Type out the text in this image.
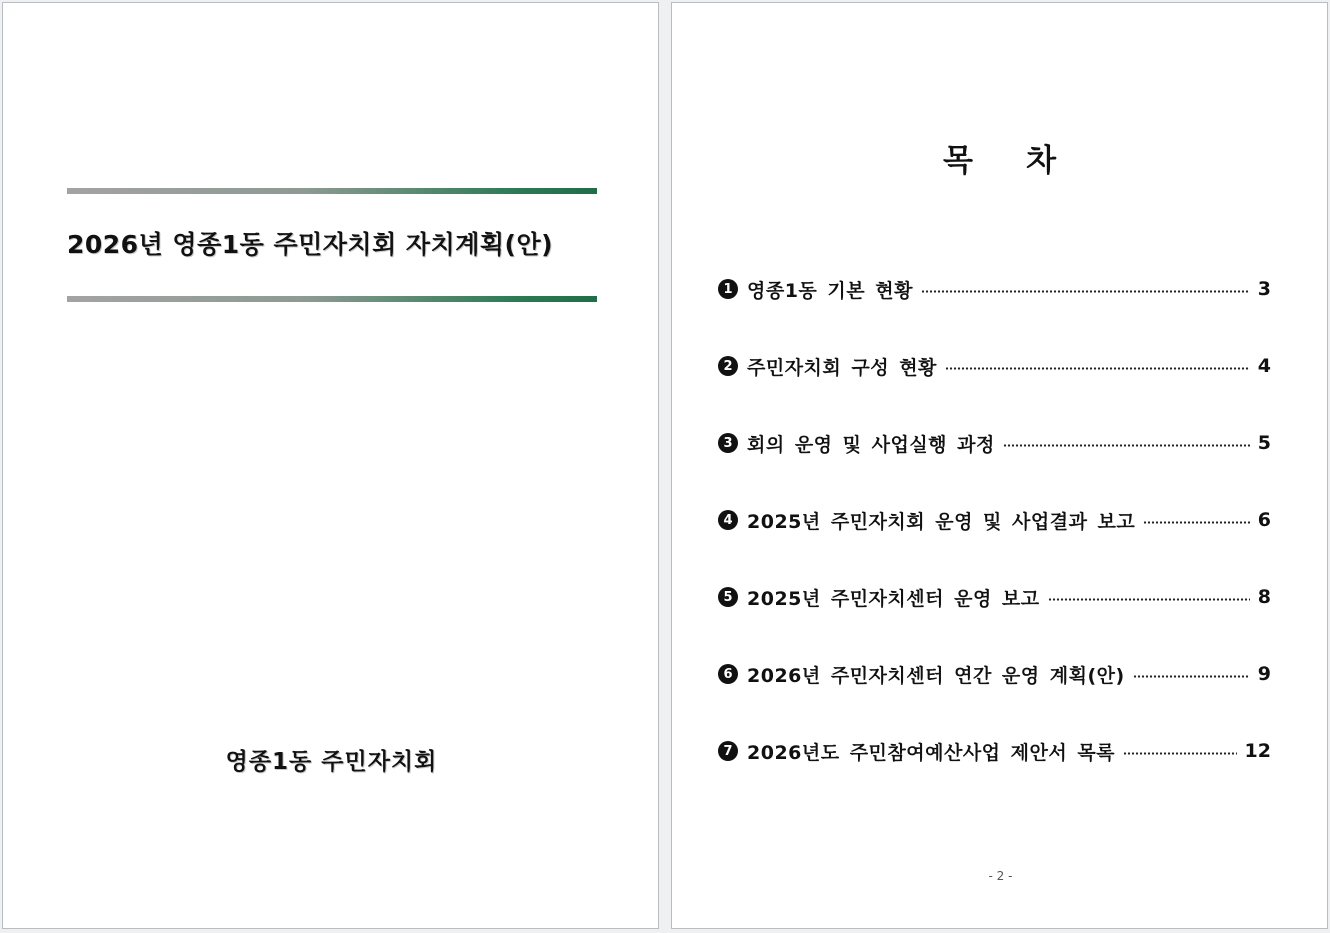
2026년 영종1동 주민자치회 자치계획(안)
영종1동 주민자치회
목    차
1 영종1동 기본 현황	3
2 주민자치회 구성 현황	4
3 회의 운영 및 사업실행 과정	5
4 2025년 주민자치회 운영 및 사업결과 보고	6
5 2025년 주민자치센터 운영 보고	8
6 2026년 주민자치센터 연간 운영 계획(안)	9
7 2026년도 주민참여예산사업 제안서 목록	12
- 2 -
